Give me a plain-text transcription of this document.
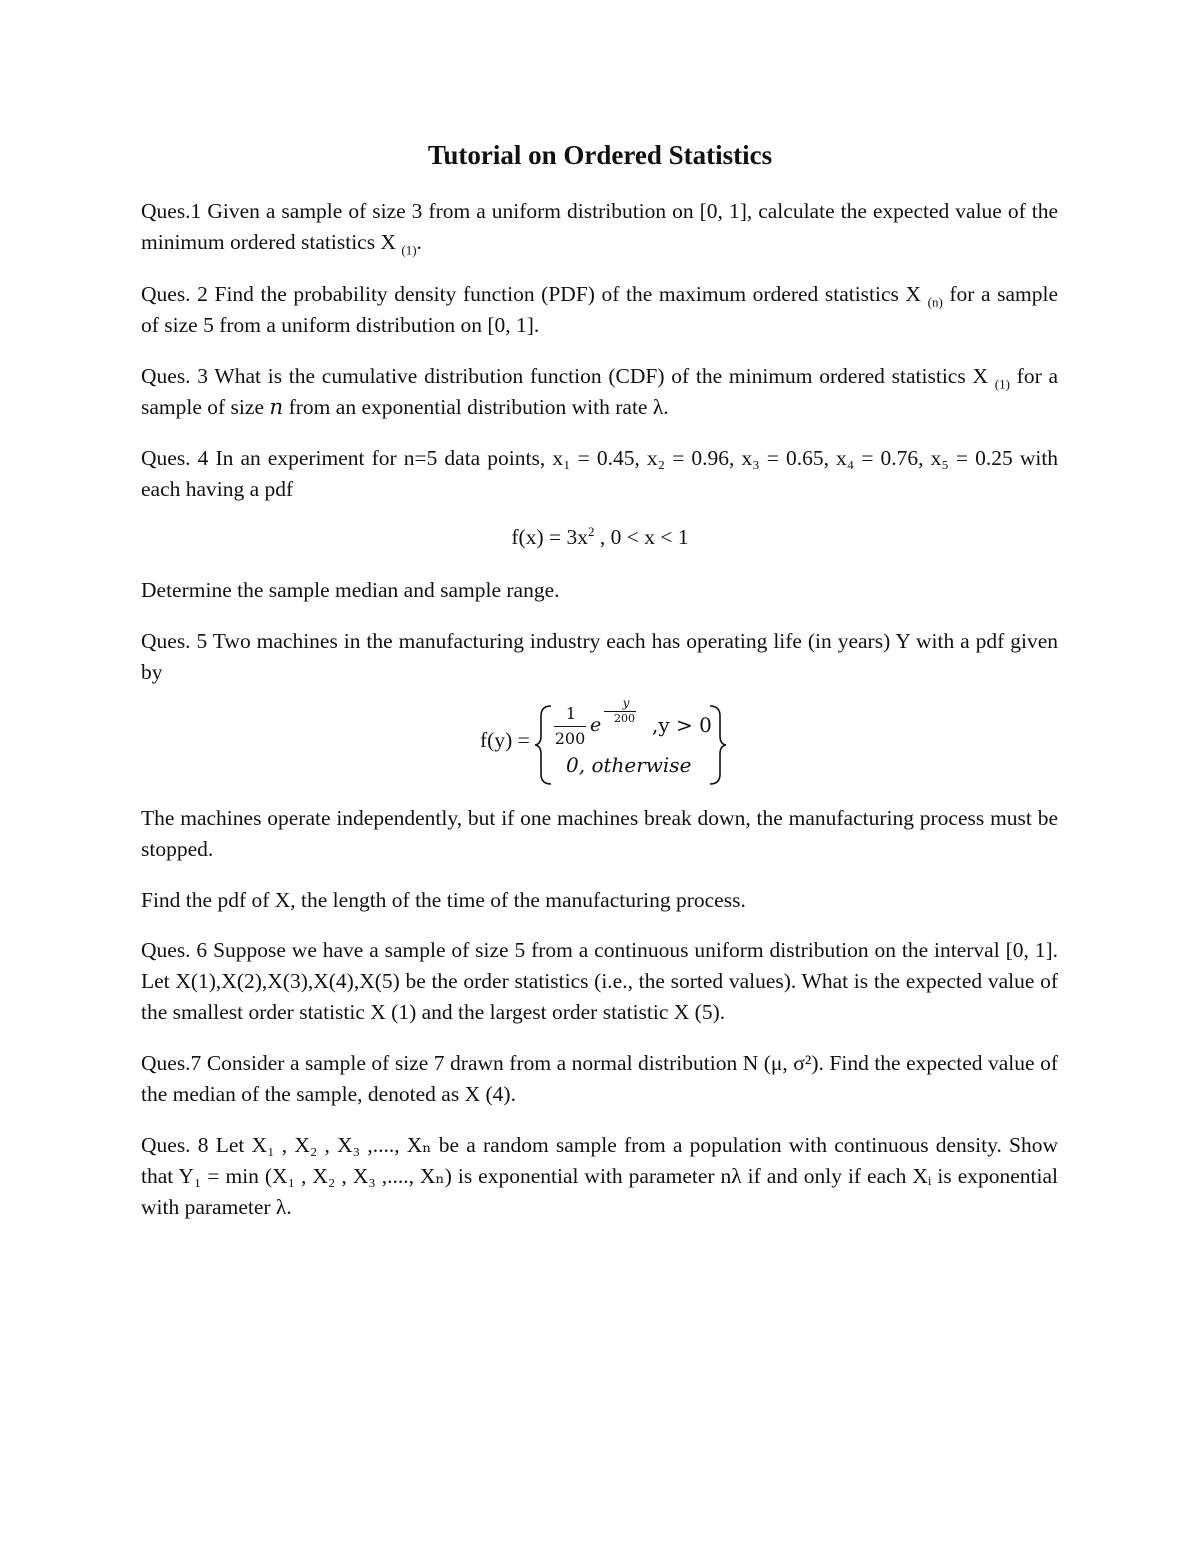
Tutorial on Ordered Statistics
Ques.1 Given a sample of size 3 from a uniform distribution on [0, 1], calculate the expected value of the minimum ordered statistics X $_{(1)}$.
Ques. 2 Find the probability density function (PDF) of the maximum ordered statistics X $_{(n)}$ for a sample of size 5 from a uniform distribution on [0, 1].
Ques. 3 What is the cumulative distribution function (CDF) of the minimum ordered statistics X $_{(1)}$ for a sample of size n from an exponential distribution with rate λ.
Ques. 4 In an experiment for n=5 data points, x₁ = 0.45, x₂ = 0.96, x₃ = 0.65, x₄ = 0.76, x₅ = 0.25 with each having a pdf
$f(x) = 3x^2$ , 0 < x < 1
Determine the sample median and sample range.
Ques. 5 Two machines in the manufacturing industry each has operating life (in years) Y with a pdf given by
f(y) =
1
200
e
y
200 ,y > 0
0, otherwise
The machines operate independently, but if one machines break down, the manufacturing process must be stopped.
Find the pdf of X, the length of the time of the manufacturing process.
Ques. 6 Suppose we have a sample of size 5 from a continuous uniform distribution on the interval [0, 1]. Let X(1),X(2),X(3),X(4),X(5) be the order statistics (i.e., the sorted values). What is the expected value of the smallest order statistic X (1) and the largest order statistic X (5).
Ques.7 Consider a sample of size 7 drawn from a normal distribution N (μ, σ²). Find the expected value of the median of the sample, denoted as X (4).
Ques. 8 Let X₁ , X₂ , X₃ ,...., Xₙ be a random sample from a population with continuous density. Show that Y₁ = min (X₁ , X₂ , X₃ ,...., Xₙ) is exponential with parameter nλ if and only if each Xᵢ is exponential with parameter λ.
